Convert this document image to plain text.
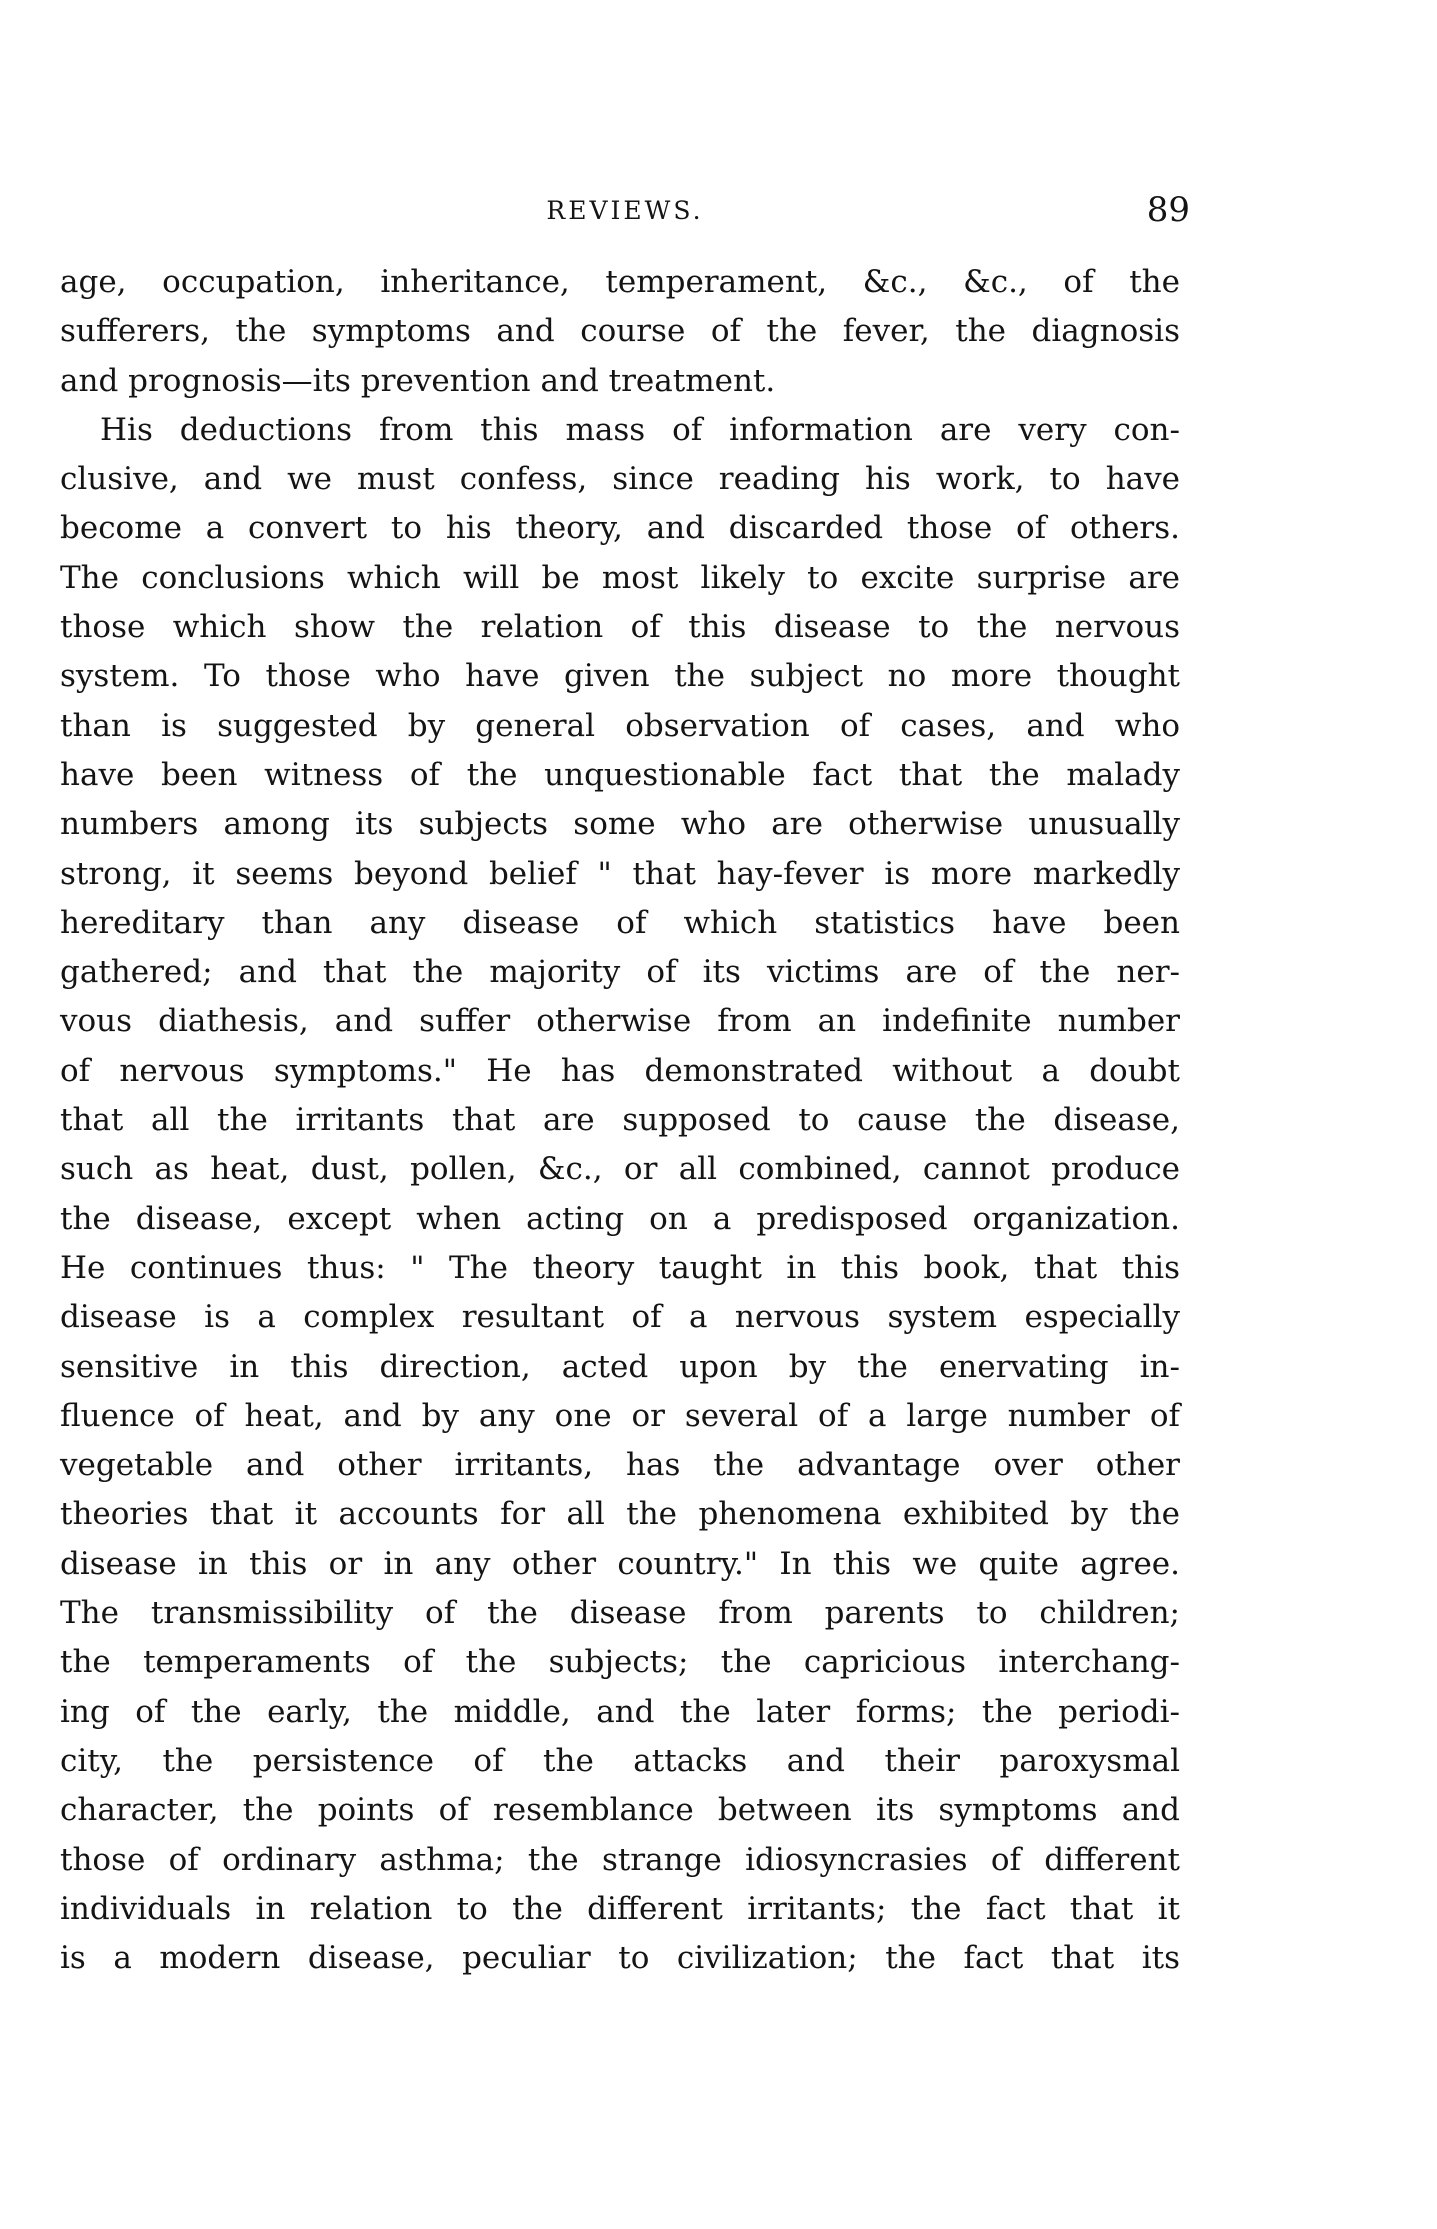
REVIEWS.	89
age, occupation, inheritance, temperament, &c., &c., of the
sufferers, the symptoms and course of the fever, the diagnosis
and prognosis—its prevention and treatment.
His deductions from this mass of information are very con-
clusive, and we must confess, since reading his work, to have
become a convert to his theory, and discarded those of others.
The conclusions which will be most likely to excite surprise are
those which show the relation of this disease to the nervous
system. To those who have given the subject no more thought
than is suggested by general observation of cases, and who
have been witness of the unquestionable fact that the malady
numbers among its subjects some who are otherwise unusually
strong, it seems beyond belief " that hay-fever is more markedly
hereditary than any disease of which statistics have been
gathered; and that the majority of its victims are of the ner-
vous diathesis, and suffer otherwise from an indefinite number
of nervous symptoms." He has demonstrated without a doubt
that all the irritants that are supposed to cause the disease,
such as heat, dust, pollen, &c., or all combined, cannot produce
the disease, except when acting on a predisposed organization.
He continues thus: " The theory taught in this book, that this
disease is a complex resultant of a nervous system especially
sensitive in this direction, acted upon by the enervating in-
fluence of heat, and by any one or several of a large number of
vegetable and other irritants, has the advantage over other
theories that it accounts for all the phenomena exhibited by the
disease in this or in any other country." In this we quite agree.
The transmissibility of the disease from parents to children;
the temperaments of the subjects; the capricious interchang-
ing of the early, the middle, and the later forms; the periodi-
city, the persistence of the attacks and their paroxysmal
character, the points of resemblance between its symptoms and
those of ordinary asthma; the strange idiosyncrasies of different
individuals in relation to the different irritants; the fact that it
is a modern disease, peculiar to civilization; the fact that its
